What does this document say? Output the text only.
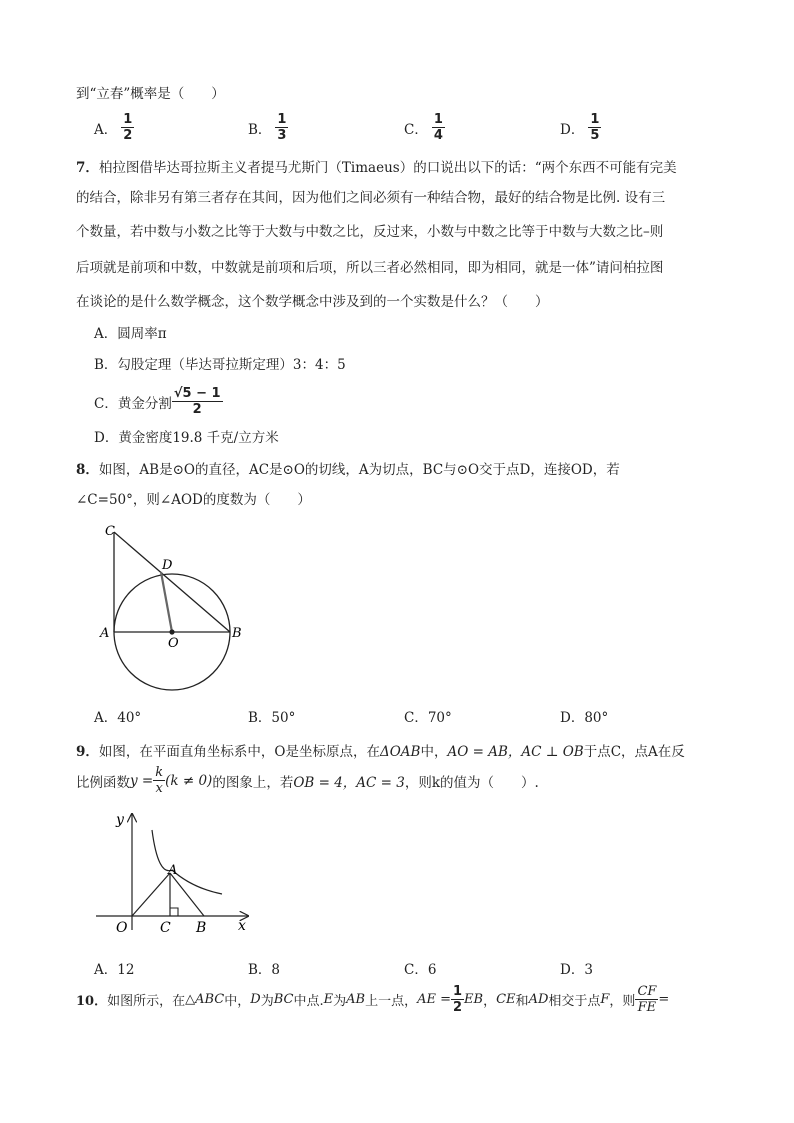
到“立春”概率是（　　）
A． $\frac{1}{2}$	B． $\frac{1}{3}$	C． $\frac{1}{4}$	D． $\frac{1}{5}$
7．柏拉图借毕达哥拉斯主义者提马尤斯门（Timaeus）的口说出以下的话：“两个东西不可能有完美
的结合，除非另有第三者存在其间，因为他们之间必须有一种结合物，最好的结合物是比例. 设有三
个数量，若中数与小数之比等于大数与中数之比，反过来，小数与中数之比等于中数与大数之比–则
后项就是前项和中数，中数就是前项和后项，所以三者必然相同，即为相同，就是一体”请问柏拉图
在谈论的是什么数学概念，这个数学概念中涉及到的一个实数是什么？（　　）
A．圆周率π
B．勾股定理（毕达哥拉斯定理）3：4：5
C．黄金分割 $\frac{√5 - 1}{2}$
D．黄金密度19.8 千克/立方米
8．如图，AB是⊙O的直径，AC是⊙O的切线，A为切点，BC与⊙O交于点D，连接OD，若
∠C=50°，则∠AOD的度数为（　　）
C
D
A
O
B
A．40°	B．50°	C．70°	D．80°
9．如图，在平面直角坐标系中，O是坐标原点，在ΔOAB中，AO = AB，AC ⊥ OB于点C，点A在反
比例函数 $y = \frac{k}{x} (k \ne 0)$ 的图象上，若 OB = 4，AC = 3 ，则k的值为（　　）.
y
A
O C B x
A．12	B．8	C．6	D．3
10． 如图所示，在 △ABC 中， D 为 BC 中点. E 为 AB 上一点， AE = $\frac{1}{2}$ EB ， CE 和 AD 相交于点 F ，则 $\frac{CF}{FE}$ =
